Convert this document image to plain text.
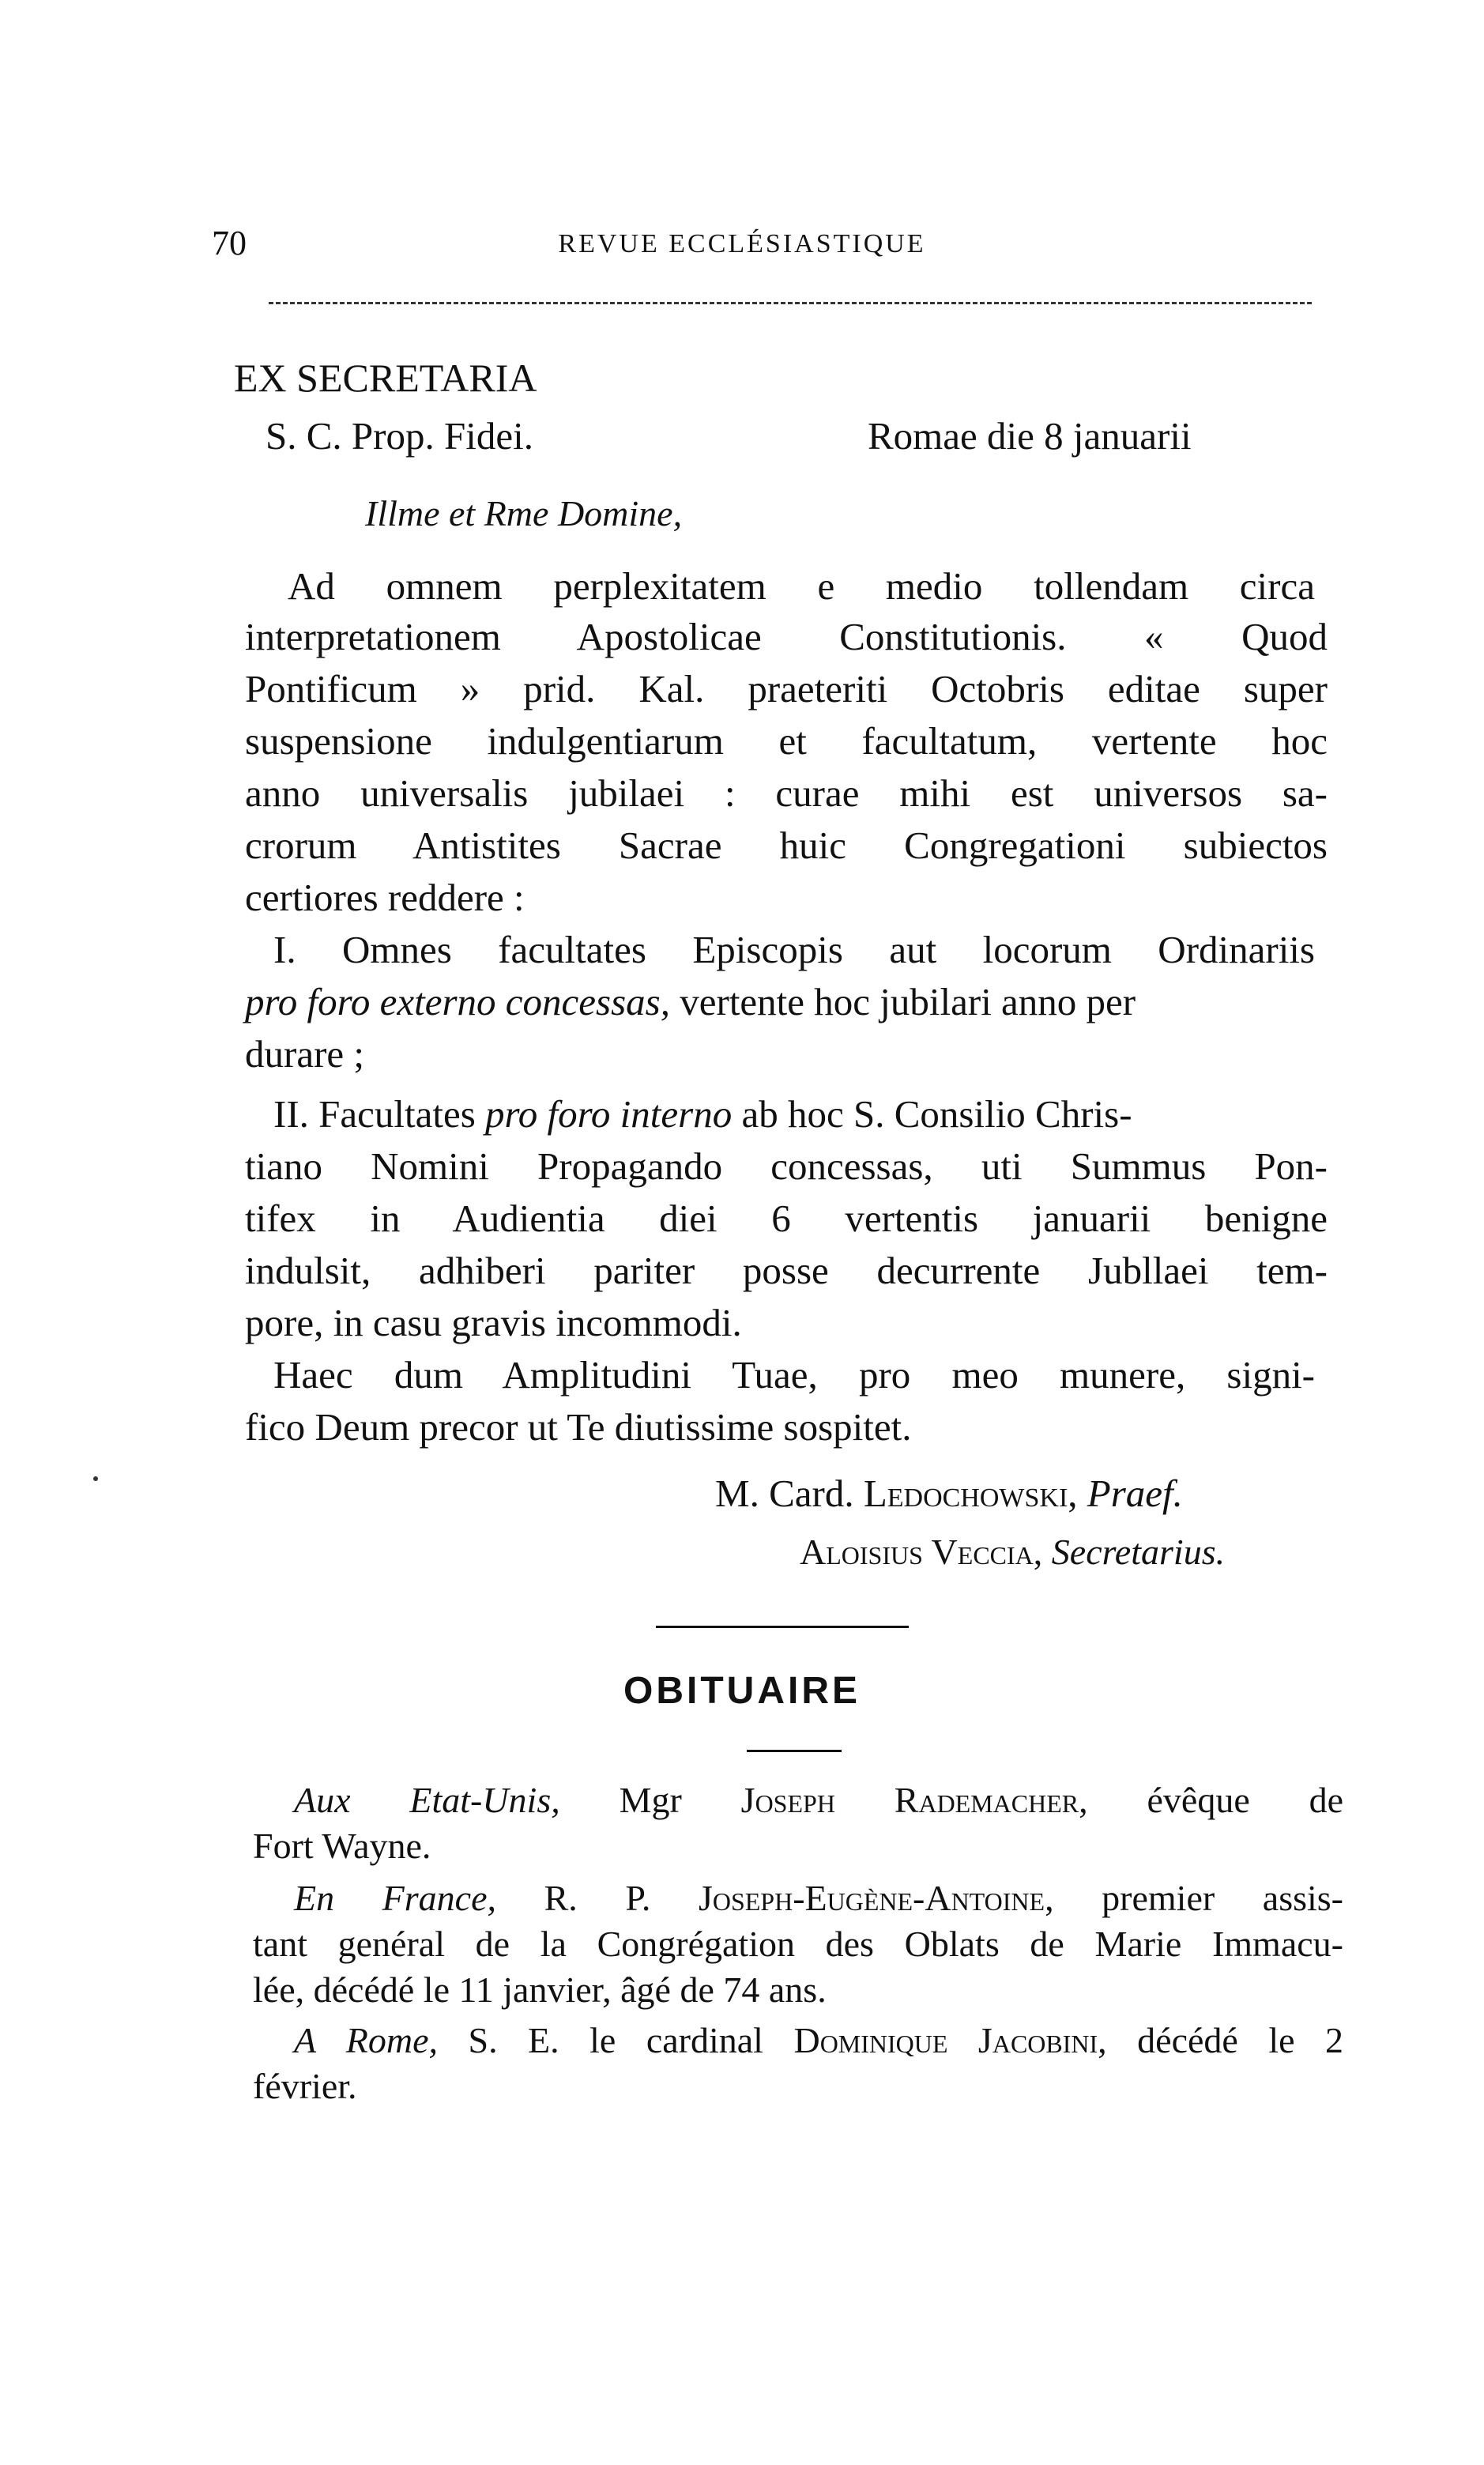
70	REVUE ECCLÉSIASTIQUE
EX SECRETARIA
S. C. Prop. Fidei.	Romae die 8 januarii
Illme et Rme Domine,
Ad omnem perplexitatem e medio tollendam circa
interpretationem Apostolicae Constitutionis. « Quod
Pontificum » prid. Kal. praeteriti Octobris editae super
suspensione indulgentiarum et facultatum, vertente hoc
anno universalis jubilaei : curae mihi est universos sa-
crorum Antistites Sacrae huic Congregationi subiectos
certiores reddere :
I. Omnes facultates Episcopis aut locorum Ordinariis
pro foro externo concessas, vertente hoc jubilari anno per
durare ;
II. Facultates pro foro interno ab hoc S. Consilio Chris-
tiano Nomini Propagando concessas, uti Summus Pon-
tifex in Audientia diei 6 vertentis januarii benigne
indulsit, adhiberi pariter posse decurrente Jubllaei tem-
pore, in casu gravis incommodi.
Haec dum Amplitudini Tuae, pro meo munere, signi-
fico Deum precor ut Te diutissime sospitet.
M. Card. Ledochowski, Praef.
Aloisius Veccia, Secretarius.
OBITUAIRE
Aux Etat-Unis, Mgr Joseph Rademacher, évêque de
Fort Wayne.
En France, R. P. Joseph-Eugène-Antoine, premier assis-
tant genéral de la Congrégation des Oblats de Marie Immacu-
lée, décédé le 11 janvier, âgé de 74 ans.
A Rome, S. E. le cardinal Dominique Jacobini, décédé le 2
février.
